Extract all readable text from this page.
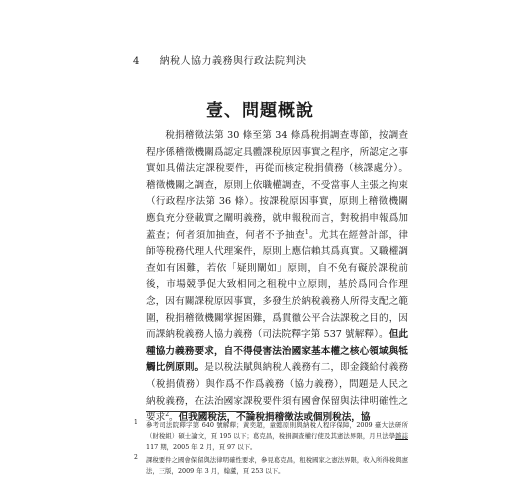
4 納稅人協力義務與行政法院判決
壹、問題概說
稅捐稽徵法第 30 條至第 34 條爲稅捐調查專節，按調查程序係稽徵機關爲認定具體課稅原因事實之程序，所認定之事實如具備法定課稅要件，再從而核定稅捐債務（核課處分）。稽徵機關之調查，原則上依職權調查，不受當事人主張之拘束（行政程序法第 36 條）。按課稅原因事實，原則上稽徵機關應負充分登載實之闡明義務，就申報稅而言，對稅捐申報爲加蓋查；何者須加抽查，何者不予抽查$^1$。尤其在經營計部，律師等稅務代理人代理案件，原則上應信賴其爲真實。又職權調查如有困難，若依「疑則闡如」原則，自不免有礙於課稅前後，市場競爭促大致相同之租稅中立原則，基於爲同合作理念，因有關課稅原因事實，多發生於納稅義務人所得支配之範圍，稅捐稽徵機關掌握困難，爲貫徹公平合法課稅之目的，因而課納稅義務人協力義務（司法院釋字第 537 號解釋）。但此種協力義務要求，自不得侵害法治國家基本權之核心領域與牴觸比例原則。是以稅法賦與納稅人義務有二，即金錢給付義務（稅捐債務）與作爲不作爲義務（協力義務），問題是人民之納稅義務，在法治國家課稅要件須有國會保留與法律明確性之要求$^2$。但我國稅法，不論稅捐稽徵法或個別稅法，協
1 參考司法院釋字第 640 號解釋；黃奕超，童懿原則與納稅人程序保障，2009 臺大法研所（財稅組）碩士論文，頁 195 以下；葛克昌，稅捐調查權行使及其憲法界限，月旦法學雜誌 117 期，2005 年 2 月，頁 97 以下。
2 課稅要件之國會保留與法律明確性要求，參見葛克昌，租稅國家之憲法界限，收入所得稅與憲法，三版，2009 年 3 月，翰蘆，頁 253 以下。
